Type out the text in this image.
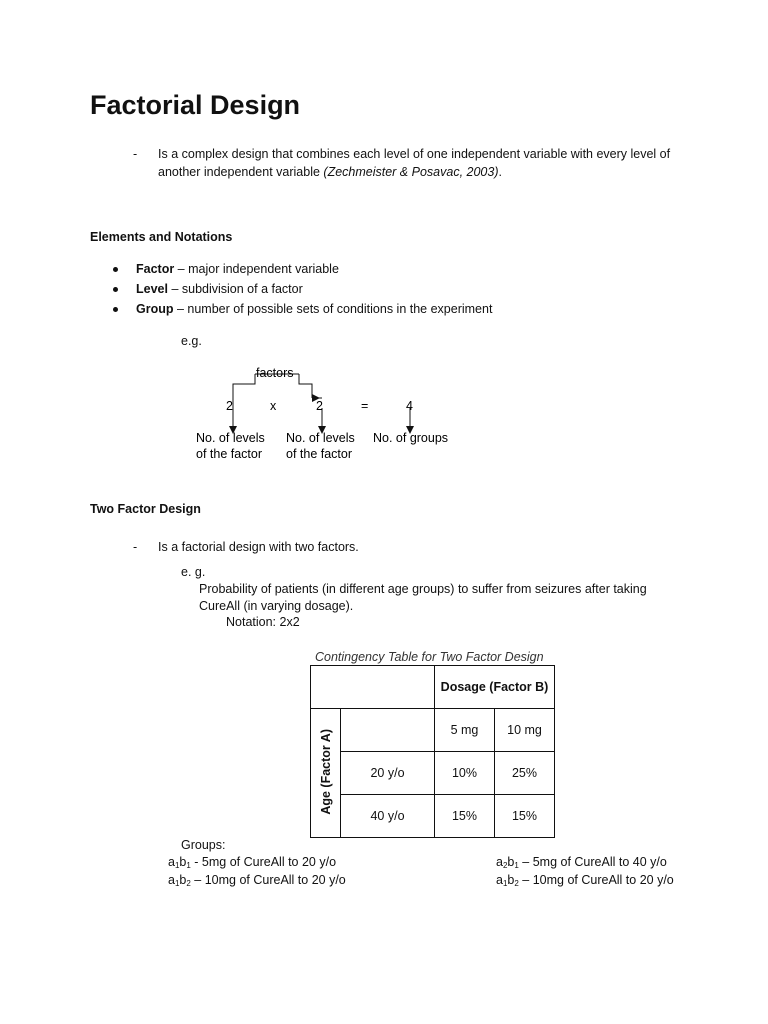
Factorial Design
- Is a complex design that combines each level of one independent variable with every level of
another independent variable (Zechmeister & Posavac, 2003).
Elements and Notations
Factor – major independent variable
Level – subdivision of a factor
Group – number of possible sets of conditions in the experiment
e.g.
factors
2	x	2	=	4
No. of levels
of the factor
No. of levels
of the factor
No. of groups
Two Factor Design
- Is a factorial design with two factors.
e. g.
Probability of patients (in different age groups) to suffer from seizures after taking
CureAll (in varying dosage).
Notation: 2x2
Contingency Table for Two Factor Design
		Dosage (Factor B)	
Age (Factor A)		5 mg	10 mg
	20 y/o	10%	25%
	40 y/o	15%	15%
Groups:
$a_1b_1 - 5mg$ of CureAll to 20 y/o
$a_1b_2 - 10mg$ of CureAll to 20 y/o
$a_2b_1 - 5mg$ of CureAll to 40 y/o
$a_1b_2 - 10mg$ of CureAll to 20 y/o
